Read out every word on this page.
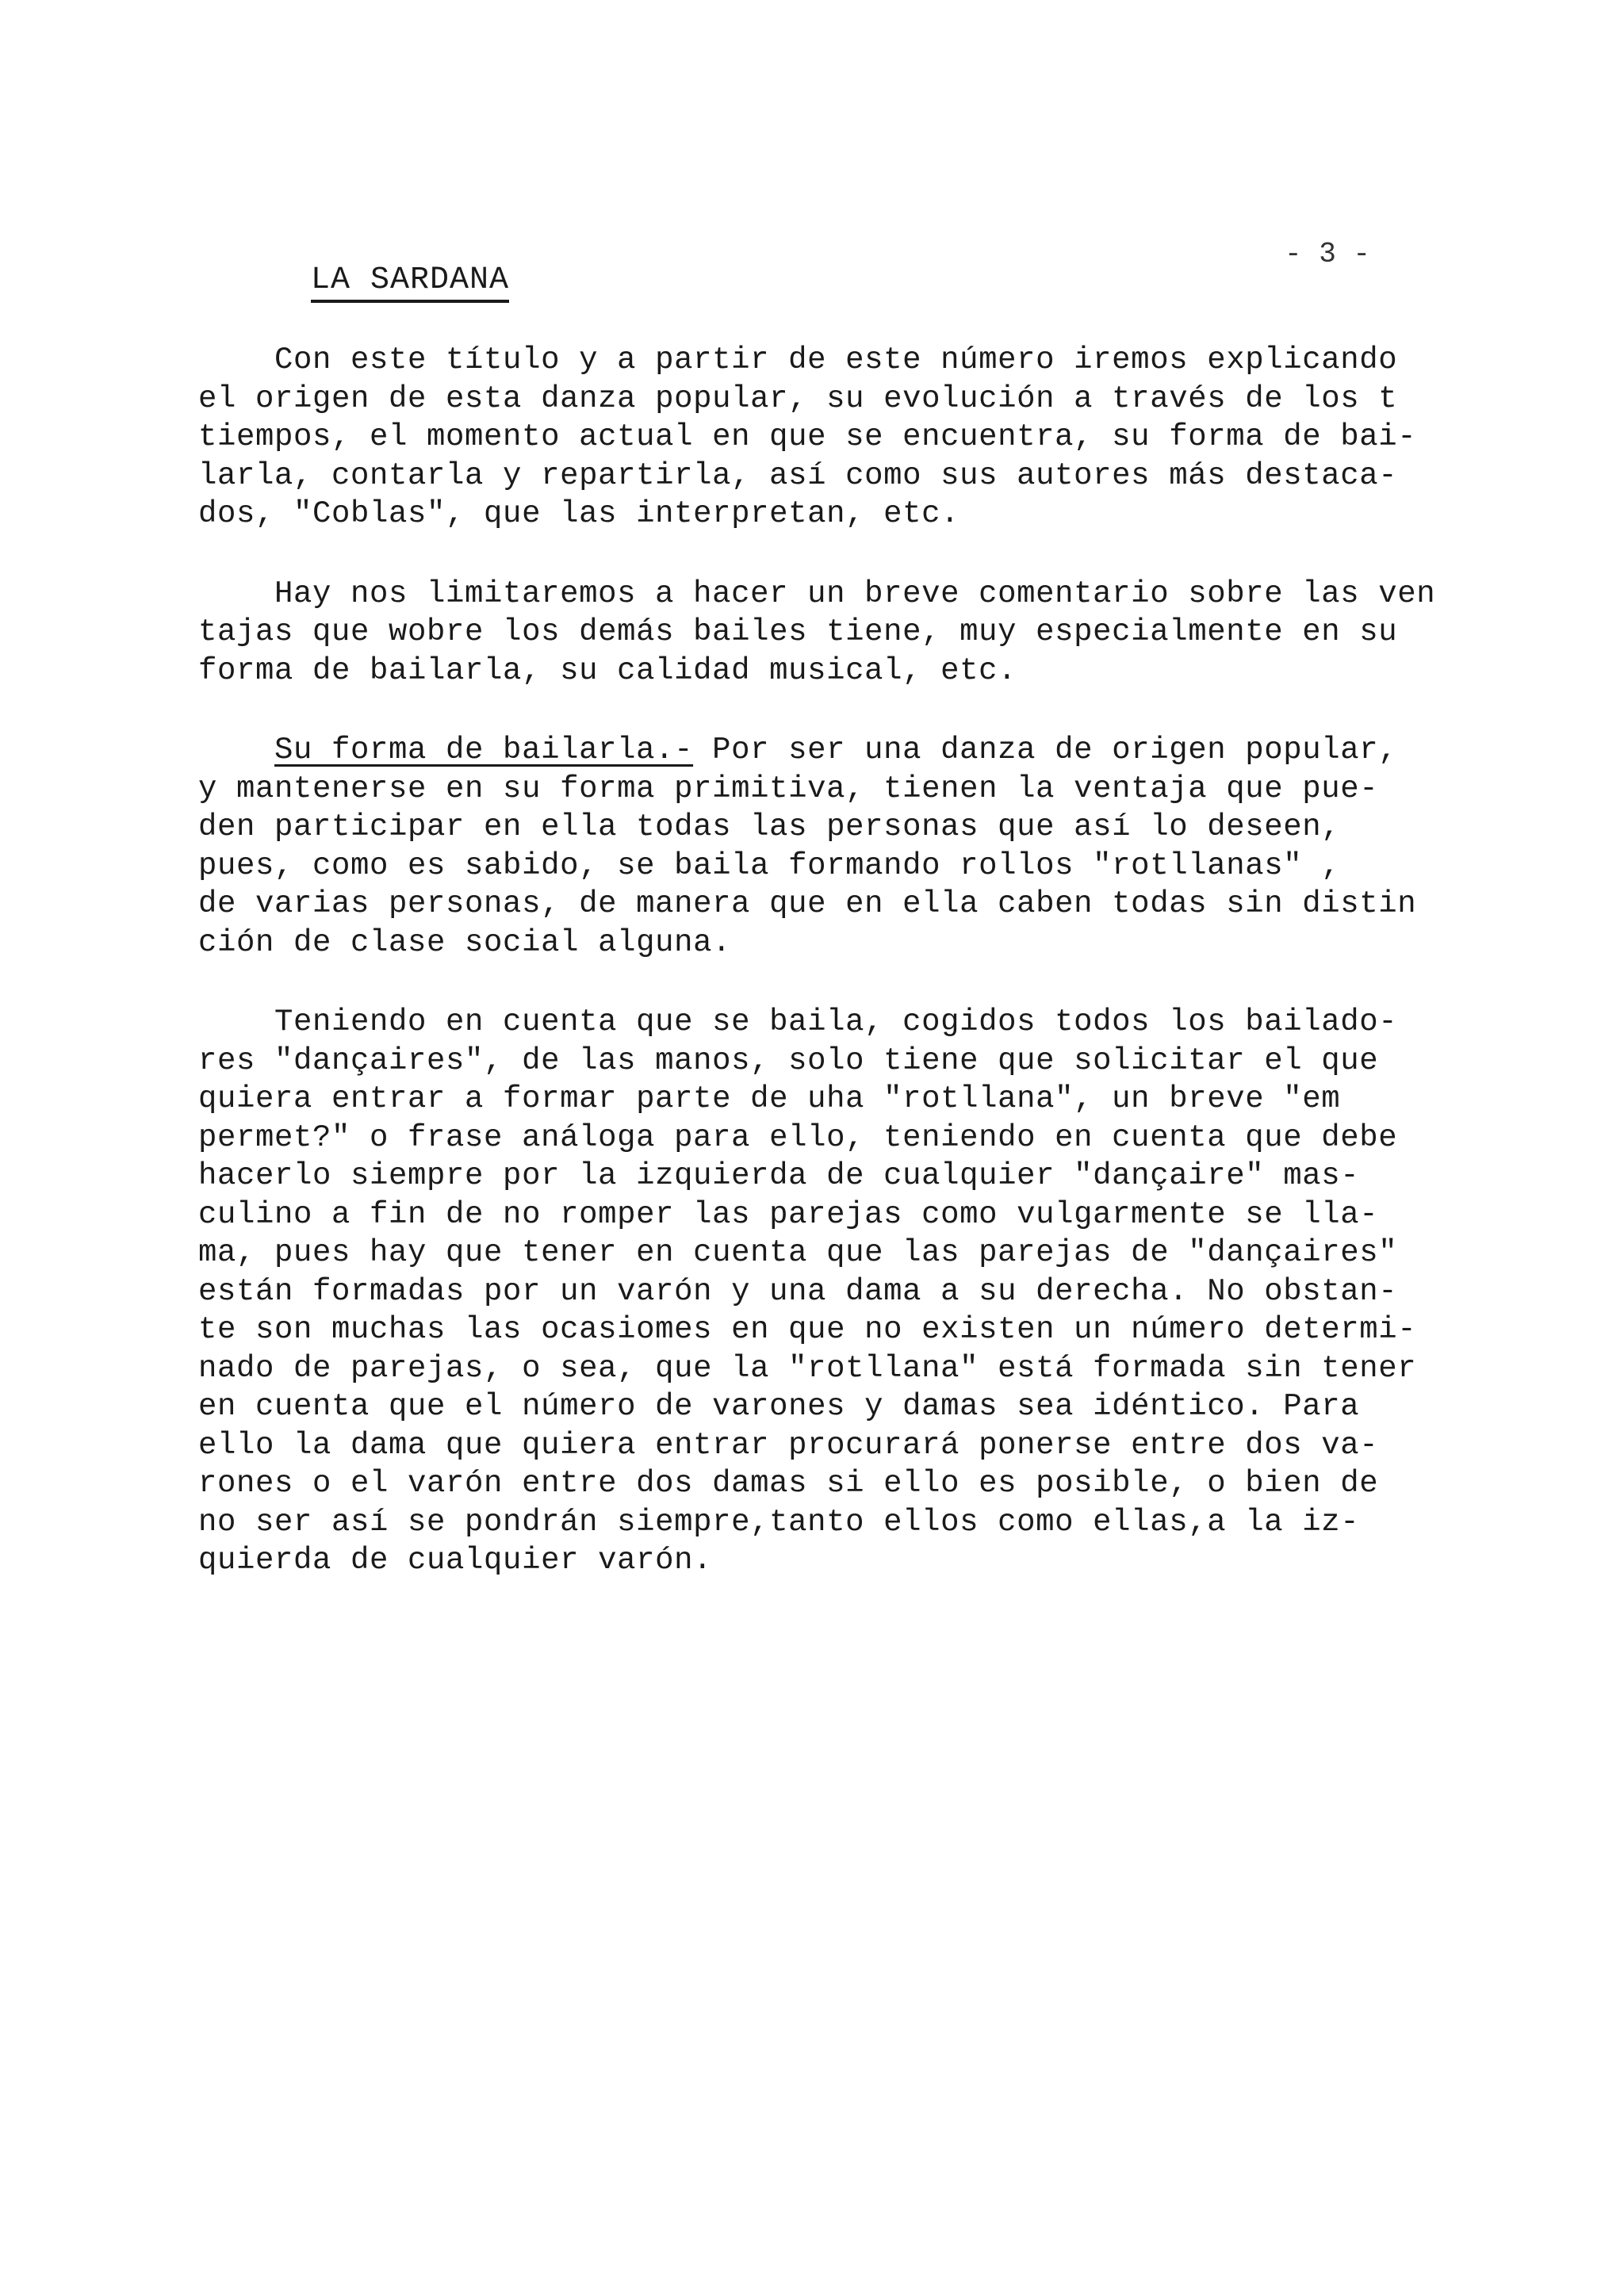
LA SARDANA
- 3 -
Con este título y a partir de este número iremos explicando
el origen de esta danza popular, su evolución a través de los t
tiempos, el momento actual en que se encuentra, su forma de bai-
larla, contarla y repartirla, así como sus autores más destaca-
dos, "Coblas", que las interpretan, etc.
Hay nos limitaremos a hacer un breve comentario sobre las ven
tajas que wobre los demás bailes tiene, muy especialmente en su
forma de bailarla, su calidad musical, etc.
Su forma de bailarla.- Por ser una danza de origen popular,
y mantenerse en su forma primitiva, tienen la ventaja que pue-
den participar en ella todas las personas que así lo deseen,
pues, como es sabido, se baila formando rollos "rotllanas" ,
de varias personas, de manera que en ella caben todas sin distin
ción de clase social alguna.
Teniendo en cuenta que se baila, cogidos todos los bailado-
res "dançaires", de las manos, solo tiene que solicitar el que
quiera entrar a formar parte de uha "rotllana", un breve "em
permet?" o frase análoga para ello, teniendo en cuenta que debe
hacerlo siempre por la izquierda de cualquier "dançaire" mas-
culino a fin de no romper las parejas como vulgarmente se lla-
ma, pues hay que tener en cuenta que las parejas de "dançaires"
están formadas por un varón y una dama a su derecha. No obstan-
te son muchas las ocasiomes en que no existen un número determi-
nado de parejas, o sea, que la "rotllana" está formada sin tener
en cuenta que el número de varones y damas sea idéntico. Para
ello la dama que quiera entrar procurará ponerse entre dos va-
rones o el varón entre dos damas si ello es posible, o bien de
no ser así se pondrán siempre,tanto ellos como ellas,a la iz-
quierda de cualquier varón.
